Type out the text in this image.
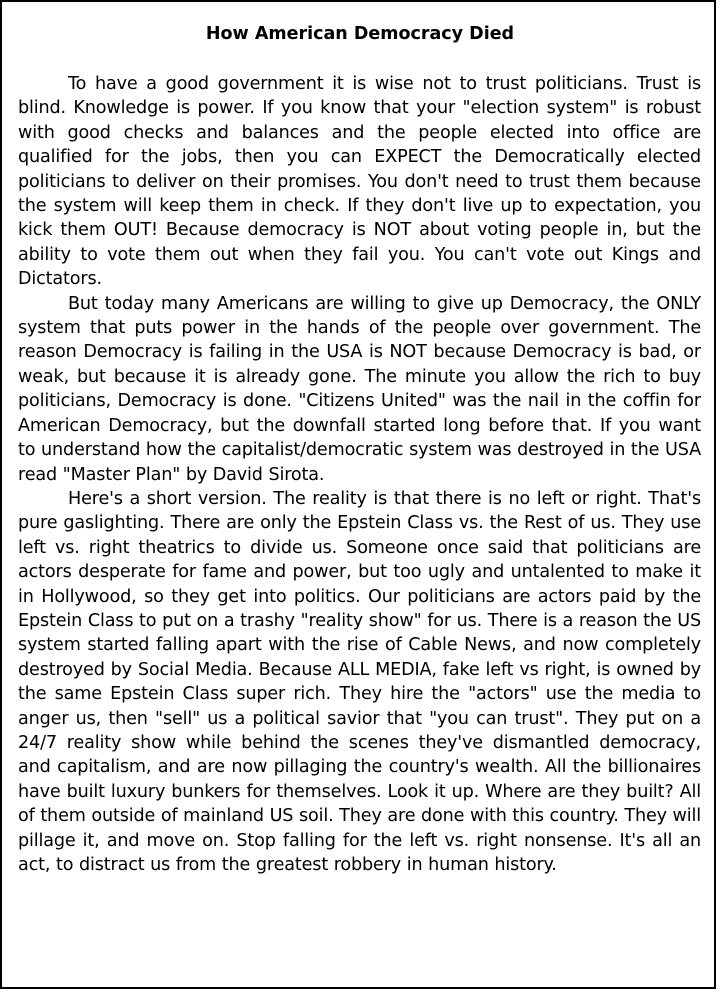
How American Democracy Died

To have a good government it is wise not to trust politicians. Trust is blind. Knowledge is power. If you know that your "election system" is robust with good checks and balances and the people elected into office are qualified for the jobs, then you can EXPECT the Democratically elected politicians to deliver on their promises. You don't need to trust them because the system will keep them in check. If they don't live up to expectation, you kick them OUT! Because democracy is NOT about voting people in, but the ability to vote them out when they fail you. You can't vote out Kings and Dictators.

But today many Americans are willing to give up Democracy, the ONLY system that puts power in the hands of the people over government. The reason Democracy is failing in the USA is NOT because Democracy is bad, or weak, but because it is already gone. The minute you allow the rich to buy politicians, Democracy is done. "Citizens United" was the nail in the coffin for American Democracy, but the downfall started long before that. If you want to understand how the capitalist/democratic system was destroyed in the USA read "Master Plan" by David Sirota.

Here's a short version. The reality is that there is no left or right. That's pure gaslighting. There are only the Epstein Class vs. the Rest of us. They use left vs. right theatrics to divide us. Someone once said that politicians are actors desperate for fame and power, but too ugly and untalented to make it in Hollywood, so they get into politics. Our politicians are actors paid by the Epstein Class to put on a trashy "reality show" for us. There is a reason the US system started falling apart with the rise of Cable News, and now completely destroyed by Social Media. Because ALL MEDIA, fake left vs right, is owned by the same Epstein Class super rich. They hire the "actors" use the media to anger us, then "sell" us a political savior that "you can trust". They put on a 24/7 reality show while behind the scenes they've dismantled democracy, and capitalism, and are now pillaging the country's wealth. All the billionaires have built luxury bunkers for themselves. Look it up. Where are they built? All of them outside of mainland US soil. They are done with this country. They will pillage it, and move on. Stop falling for the left vs. right nonsense. It's all an act, to distract us from the greatest robbery in human history.
